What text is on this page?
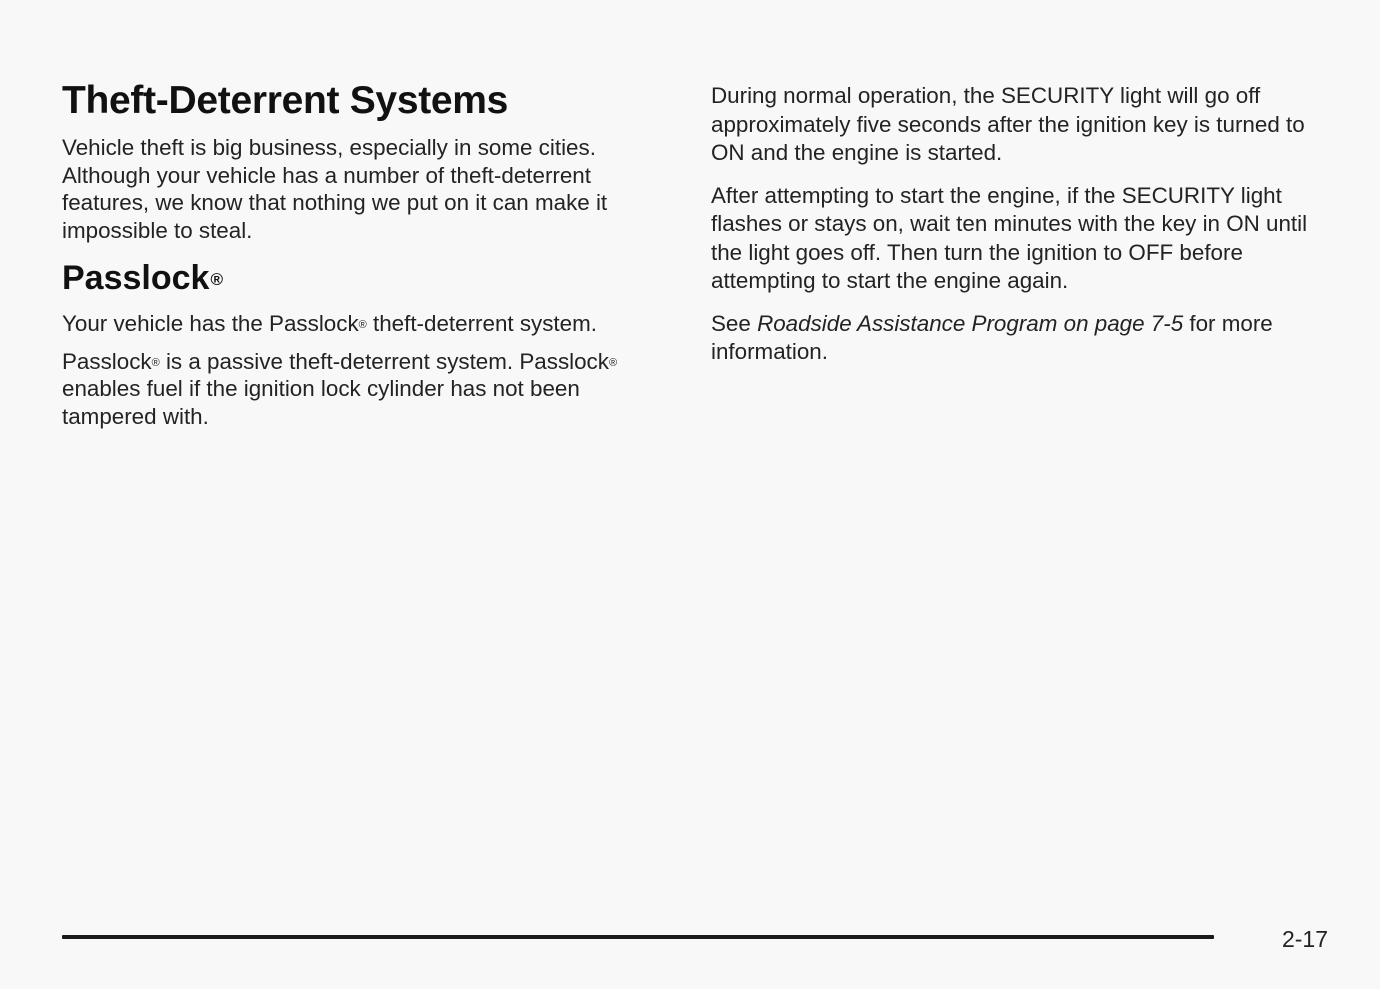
Theft-Deterrent Systems

Vehicle theft is big business, especially in some cities. Although your vehicle has a number of theft-deterrent features, we know that nothing we put on it can make it impossible to steal.

Passlock®

Your vehicle has the Passlock® theft-deterrent system.

Passlock® is a passive theft-deterrent system. Passlock® enables fuel if the ignition lock cylinder has not been tampered with.

During normal operation, the SECURITY light will go off approximately five seconds after the ignition key is turned to ON and the engine is started.

After attempting to start the engine, if the SECURITY light flashes or stays on, wait ten minutes with the key in ON until the light goes off. Then turn the ignition to OFF before attempting to start the engine again.

See Roadside Assistance Program on page 7-5 for more information.

2-17
